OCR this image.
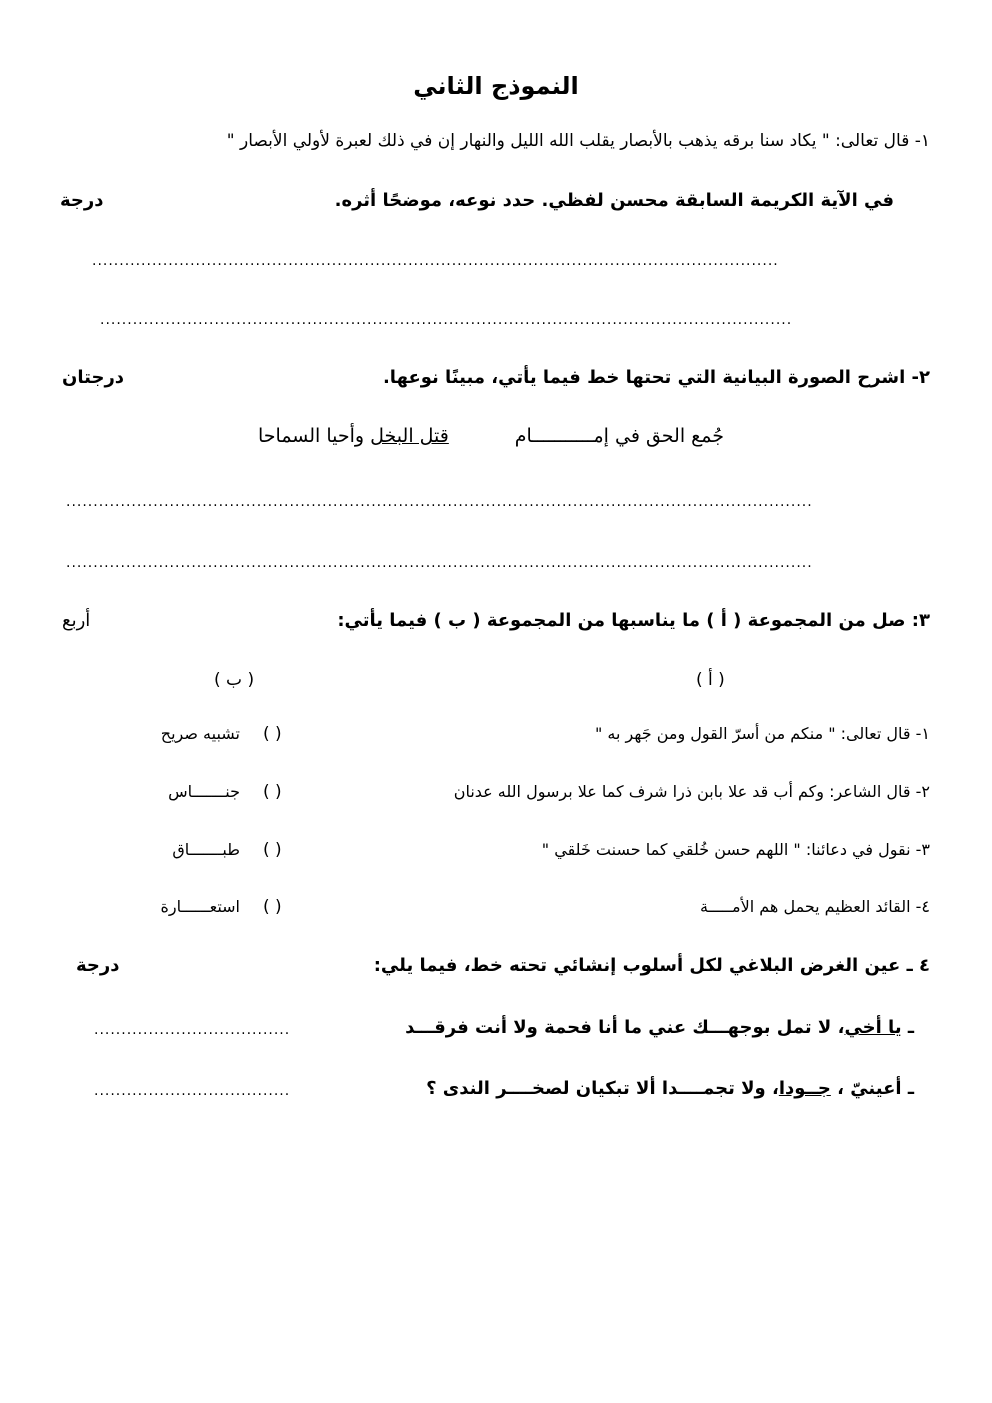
النموذج الثاني
١- قال تعالى: " يكاد سنا برقه يذهب بالأبصار يقلب الله الليل والنهار إن في ذلك لعبرة لأولي الأبصار "
في الآية الكريمة السابقة محسن لفظي. حدد نوعه، موضحًا أثره.
درجة
..............................................................................................................................
...............................................................................................................................
٢- اشرح الصورة البيانية التي تحتها خط فيما يأتي، مبينًا نوعها.
درجتان
جُمع الحق في إمـــــــــــام
قتل البخل وأحيا السماحا
.........................................................................................................................................
.........................................................................................................................................
٣: صل من المجموعة ( أ ) ما يناسبها من المجموعة ( ب ) فيما يأتي:
أربع
( أ )
( ب )
١- قال تعالى: " منكم من أسرّ القول ومن جَهر به "
٢- قال الشاعر: وكم أب قد علا بابن ذرا شرف كما علا برسول الله عدنان
٣- نقول في دعائنا: " اللهم حسن خُلقي كما حسنت خَلقي "
٤- القائد العظيم يحمل هم الأمـــــة
( )
( )
( )
( )
تشبيه صريح
جنـــــــاس
طبـــــــاق
استعــــــارة
٤ ـ عين الغرض البلاغي لكل أسلوب إنشائي تحته خط، فيما يلي:
درجة
ـ يا أخي، لا تمل بوجهـــك عني ما أنا فحمة ولا أنت فرقـــد
....................................
ـ أعينيّ ، جــودا، ولا تجمــــدا ألا تبكيان لصخــــر الندى ؟
....................................
